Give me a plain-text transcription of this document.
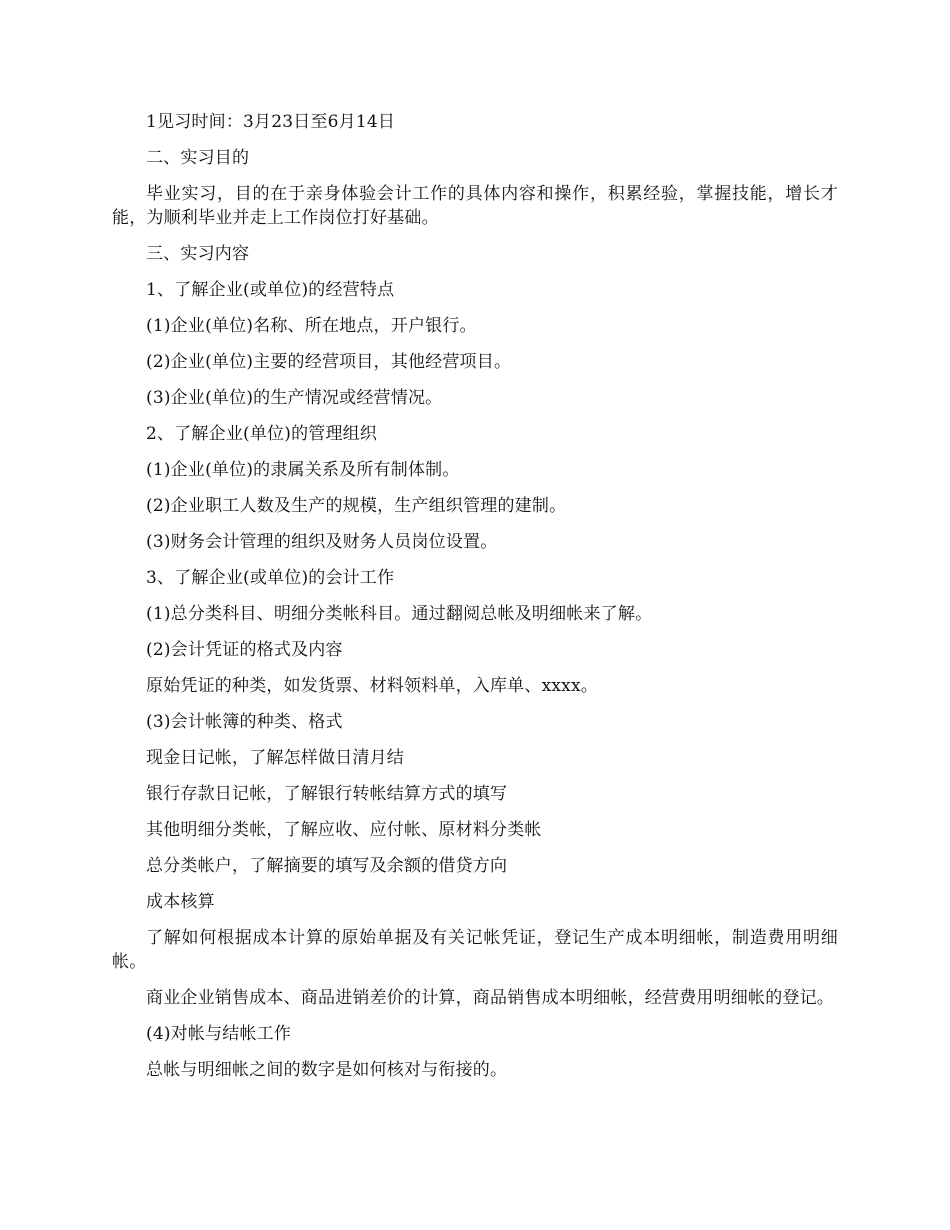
1见习时间：3月23日至6月14日

二、实习目的

毕业实习，目的在于亲身体验会计工作的具体内容和操作，积累经验，掌握技能，增长才能，为顺利毕业并走上工作岗位打好基础。

三、实习内容

1、了解企业(或单位)的经营特点

(1)企业(单位)名称、所在地点，开户银行。

(2)企业(单位)主要的经营项目，其他经营项目。

(3)企业(单位)的生产情况或经营情况。

2、了解企业(单位)的管理组织

(1)企业(单位)的隶属关系及所有制体制。

(2)企业职工人数及生产的规模，生产组织管理的建制。

(3)财务会计管理的组织及财务人员岗位设置。

3、了解企业(或单位)的会计工作

(1)总分类科目、明细分类帐科目。通过翻阅总帐及明细帐来了解。

(2)会计凭证的格式及内容

原始凭证的种类，如发货票、材料领料单，入库单、xxxx。

(3)会计帐簿的种类、格式

现金日记帐，了解怎样做日清月结

银行存款日记帐，了解银行转帐结算方式的填写

其他明细分类帐，了解应收、应付帐、原材料分类帐

总分类帐户，了解摘要的填写及余额的借贷方向

成本核算

了解如何根据成本计算的原始单据及有关记帐凭证，登记生产成本明细帐，制造费用明细帐。

商业企业销售成本、商品进销差价的计算，商品销售成本明细帐，经营费用明细帐的登记。

(4)对帐与结帐工作

总帐与明细帐之间的数字是如何核对与衔接的。
